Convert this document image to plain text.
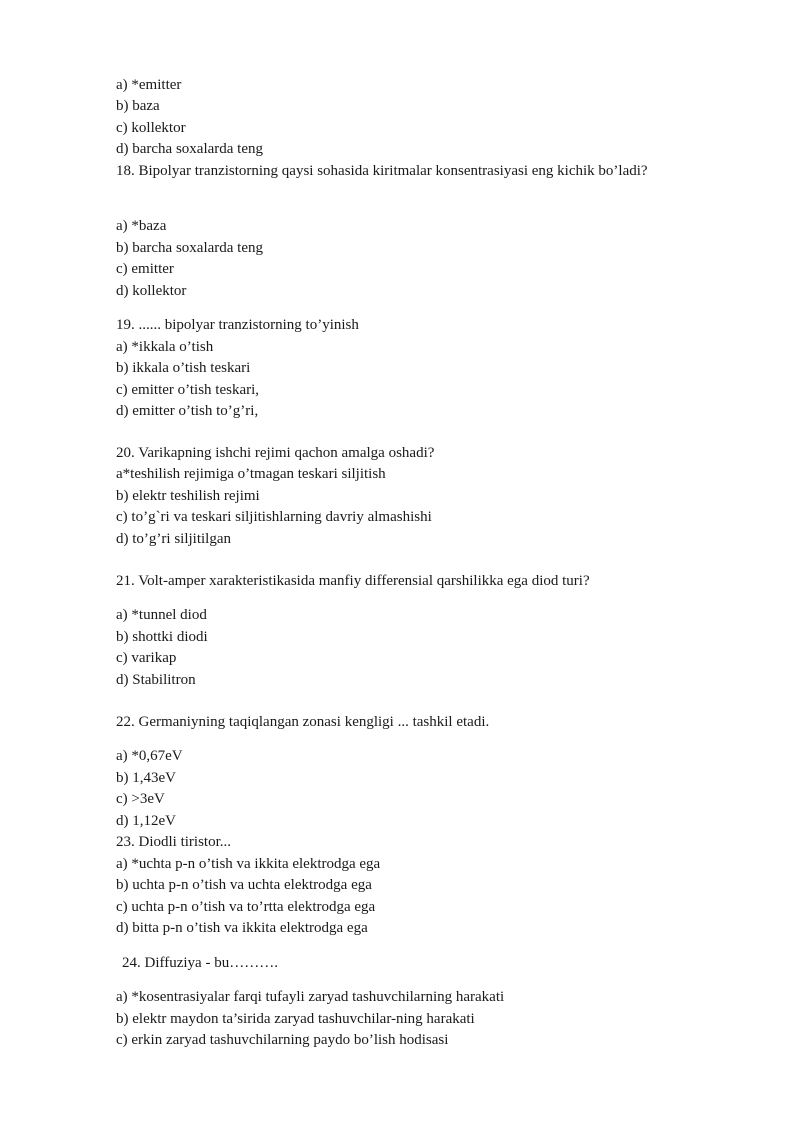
a) *emitter
b) baza
c) kollektor
d) barcha soxalarda teng
18. Bipolyar tranzistorning qaysi sohasida kiritmalar konsentrasiyasi eng kichik bo’ladi?
a) *baza
b) barcha soxalarda teng
c) emitter
d) kollektor
19. ...... bipolyar tranzistorning to’yinish
a) *ikkala o’tish
b) ikkala o’tish teskari
c) emitter o’tish teskari,
d) emitter o’tish to’g’ri,
20. Varikapning ishchi rejimi qachon amalga oshadi?
a*teshilish rejimiga o’tmagan teskari siljitish
b) elektr teshilish rejimi
c) to’g`ri va teskari siljitishlarning davriy almashishi
d) to’g’ri siljitilgan
21. Volt-amper xarakteristikasida manfiy differensial qarshilikka ega diod turi?
a) *tunnel diod
b) shottki diodi
c) varikap
d) Stabilitron
22. Germaniyning taqiqlangan zonasi kengligi ... tashkil etadi.
a) *0,67eV
b) 1,43eV
c) >3eV
d) 1,12eV
23. Diodli tiristor...
a) *uchta p-n o’tish va ikkita elektrodga ega
b) uchta p-n o’tish va uchta elektrodga ega
c) uchta p-n o’tish va to’rtta elektrodga ega
d) bitta p-n o’tish va ikkita elektrodga ega
24. Diffuziya - bu……….
a) *kosentrasiyalar farqi tufayli zaryad tashuvchilarning harakati
b) elektr maydon ta’sirida zaryad tashuvchilar-ning harakati
c) erkin zaryad tashuvchilarning paydo bo’lish hodisasi
